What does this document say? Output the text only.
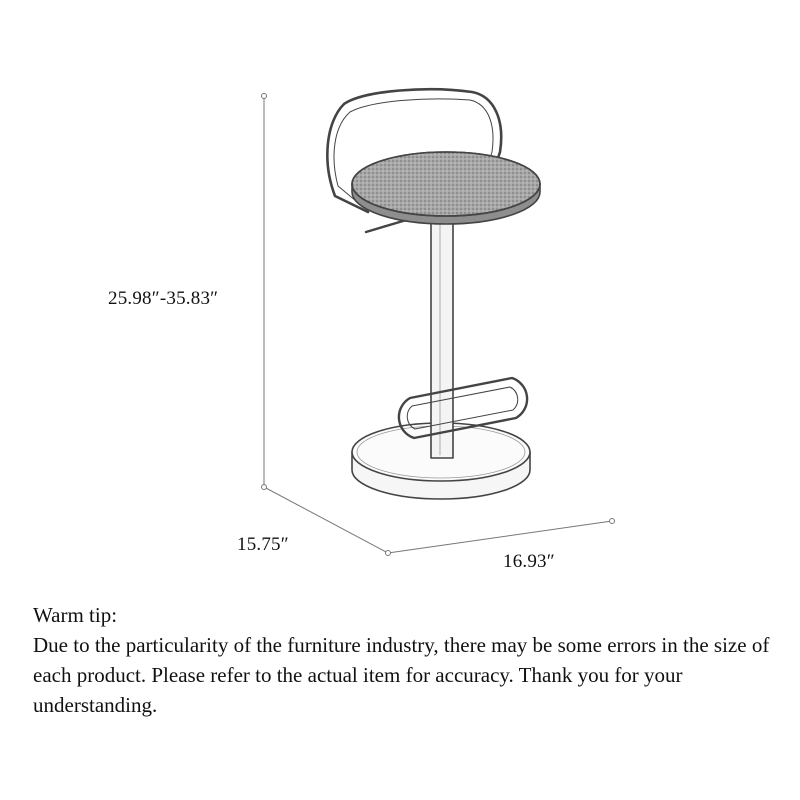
25.98″-35.83″
15.75″
16.93″

Warm tip:

Due to the particularity of the furniture industry, there may be some errors in the size of each product. Please refer to the actual item for accuracy. Thank you for your understanding.
